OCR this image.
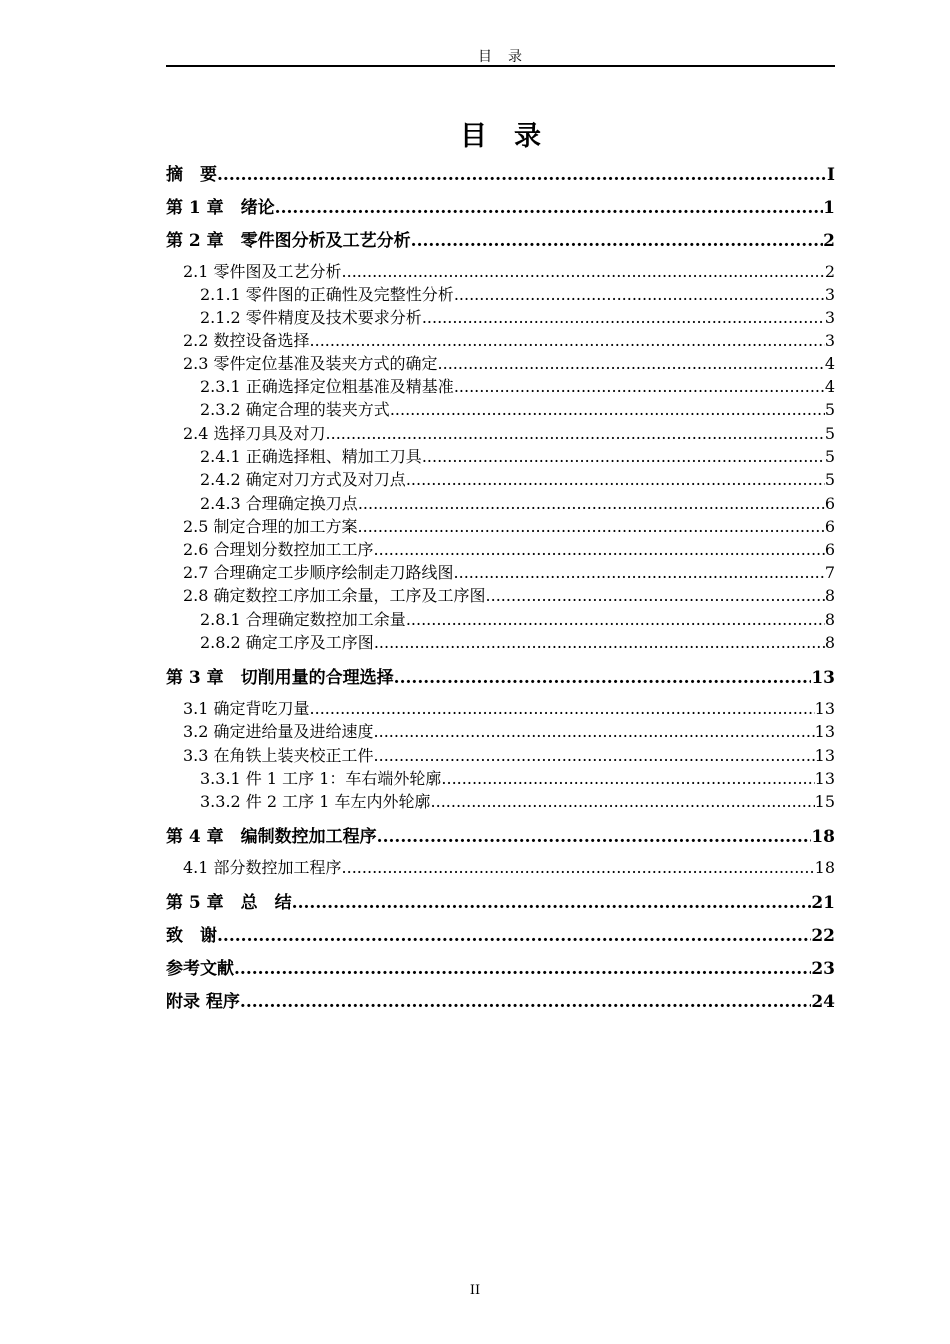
目　录
目　录
摘　要 .....	I
第 1 章　绪论 .....	1
第 2 章　零件图分析及工艺分析 .....	2
2.1 零件图及工艺分析 .....	2
2.1.1 零件图的正确性及完整性分析 .....	3
2.1.2 零件精度及技术要求分析 .....	3
2.2 数控设备选择 .....	3
2.3 零件定位基准及装夹方式的确定 .....	4
2.3.1 正确选择定位粗基准及精基准 .....	4
2.3.2 确定合理的装夹方式 .....	5
2.4 选择刀具及对刀 .....	5
2.4.1 正确选择粗、精加工刀具 .....	5
2.4.2 确定对刀方式及对刀点 .....	5
2.4.3 合理确定换刀点 .....	6
2.5 制定合理的加工方案 .....	6
2.6 合理划分数控加工工序 .....	6
2.7 合理确定工步顺序绘制走刀路线图 .....	7
2.8 确定数控工序加工余量，工序及工序图 .....	8
2.8.1 合理确定数控加工余量 .....	8
2.8.2 确定工序及工序图 .....	8
第 3 章　切削用量的合理选择 .....	13
3.1 确定背吃刀量 .....	13
3.2 确定进给量及进给速度 .....	13
3.3 在角铁上装夹校正工件 .....	13
3.3.1 件 1 工序 1：车右端外轮廓 .....	13
3.3.2 件 2 工序 1 车左内外轮廓 .....	15
第 4 章　编制数控加工程序 .....	18
4.1 部分数控加工程序 .....	18
第 5 章　总　结 .....	21
致　谢 .....	22
参考文献 .....	23
附录 程序 .....	24
II
